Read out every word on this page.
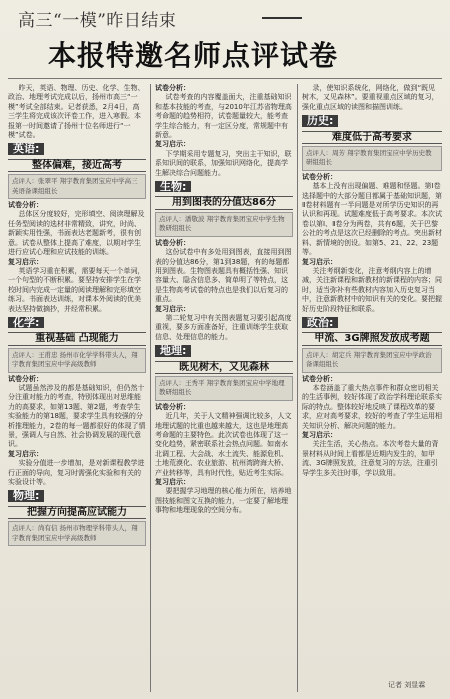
高三“一模”昨日结束
本报特邀名师点评试卷

昨天，英语、物理、历史、化学、生物、政治、地理考试完成以后，扬州市高三“一模”考试全部结束。记者获悉，2月4日，高三学生将完成该次评卷工作，进入寒假。本报第一时间邀请了扬州十位名师进行“一模”试卷。

英语:
整体偏难，接近高考
点评人：张翠平 翔宇教育集团宝应中学高三英语备课组组长
试卷分析：

总体区分度较好，完形填空、阅读理解及任务型阅读的选材非常精致，讲究，时尚、新颖实用性强，书面表达老题新考，很有创意。试卷从整体上提高了难度，以期对学生进行应试心理和应试技能的训练。

复习启示：

英语学习重在积累，需要每天一个单词，一个句型的不断积累。要坚持安排学生在学校时间内完成一定量的阅读理解和完形填空练习。书面表达训练，对课本外阅读的优美表达坚持做摘抄，并经常积累。

化学:
重视基础 凸现能力
点评人：王甫忠 扬州市化学学科带头人，翔宇教育集团宝应中学高级教师
试卷分析：

试题虽然涉及的都是基础知识，但仍然十分注重对能力的考查，特别体现出对思维能力的高要求，如第13题、第2题，考查学生实验能力的第18题，要求学生具有较强的分析推理能力，2卷的每一题都很好的体现了情景，强调人与自然、社会协调发展的现代意识。

复习启示：

实验分值进一步增加，是对新课程教学进行正面的导向，复习时需强化实验和有关的实验设计等。

物理:
把握方向提高应试能力
点评人：尚有信 扬州市物理学科带头人，翔宇教育集团宝应中学高级教师
试卷分析：

试卷考查的内容覆盖面大，注重基础知识和基本技能的考查，与2010年江苏省物理高考命题的趋势相符，试卷题量较大，能考查学生综合能力，有一定区分度，常规题中有新意。

复习启示：

下学期采用专题复习，突出主干知识，联系知识间的联系，加强知识网络化，提高学生解决综合问题能力。

生物:
用到图表的分值达86分
点评人：潘敬波 翔宇教育集团宝应中学生物教研组组长
试卷分析：

这份试卷中有多处用到图表，直接用到图表的分值达86分，第1到38题，有的每题都用到图表。生物图表题具有概括性强、知识容量大、隐含信息多、简单明了等特点，这是生物高考试卷的特点也是我们以后复习的重点。

复习启示：

第二轮复习中有关图表题复习要引起高度重视，要多方面准备好，注重训练学生获取信息、处理信息的能力。

地理:
既见树木，又见森林
点评人：王秀平 翔宇教育集团宝应中学地理教研组组长
试卷分析：

近几年，关于人文精神强调比较多，人文地理试题的比重也越来越大，这也是地理高考命题的主要特色。此次试卷也体现了这一变化趋势，紧密联系社会热点问题。如南水北调工程、大会战、水土流失、能源危机、土地荒漠化、农业旅游、杭州湾跨海大桥、产业转移等，具有时代性，贴近考生实际。

复习启示：

要把握学习地理的核心能力所在，培养地图技能和图文互换的能力，一定要了解地理事物和地理现象的空间分布。

录，使知识系统化，网络化，做到“既见树木，又见森林”。要重视重点区域的复习，强化重点区域的读图和描图训练。

历史:
难度低于高考要求
点评人：周芳 翔宇教育集团宝应中学历史教研组组长
试卷分析：

基本上没有出现偏题、难题和怪题。第Ⅰ卷选择题中的大部分题目都属于基础知识题，第Ⅱ卷材料题有一半问题是对所学历史知识的再认识和再现。试题难度低于高考要求。本次试卷以第Ⅰ、Ⅱ卷分为两卷，共有6题，关于巴黎公社的考点是这次已经删除的考点。突出新材料、新情境的创设。如第5、21、22、23题等。

复习启示：

关注考纲新变化，注意考纲内容上的增减，关注新课程和新教材的新课程的内容；同时，适当弥补有些教材内容加入历史复习当中，注意新教材中的知识有关的变化。要把握好历史阶段特征和联系。

政治:
甲流、3G牌照发放成考题
点评人：胡定兵 翔宇教育集团宝应中学政治备课组组长
试卷分析：

本卷涵盖了重大热点事件和群众密切相关的生活事例，较好体现了政治学科理论联系实际的特点。整体较好地反映了课程改革的要求，应对高考要求，较好的考查了学生运用相关知识分析、解决问题的能力。

复习启示：

关注生活，关心热点。本次考卷大量的背景材料从时间上看都是近期内发生的，如甲流、3G牌照发放，注意复习的方法，注重引导学生多关注时事，学以致用。

记者 刘显霖
